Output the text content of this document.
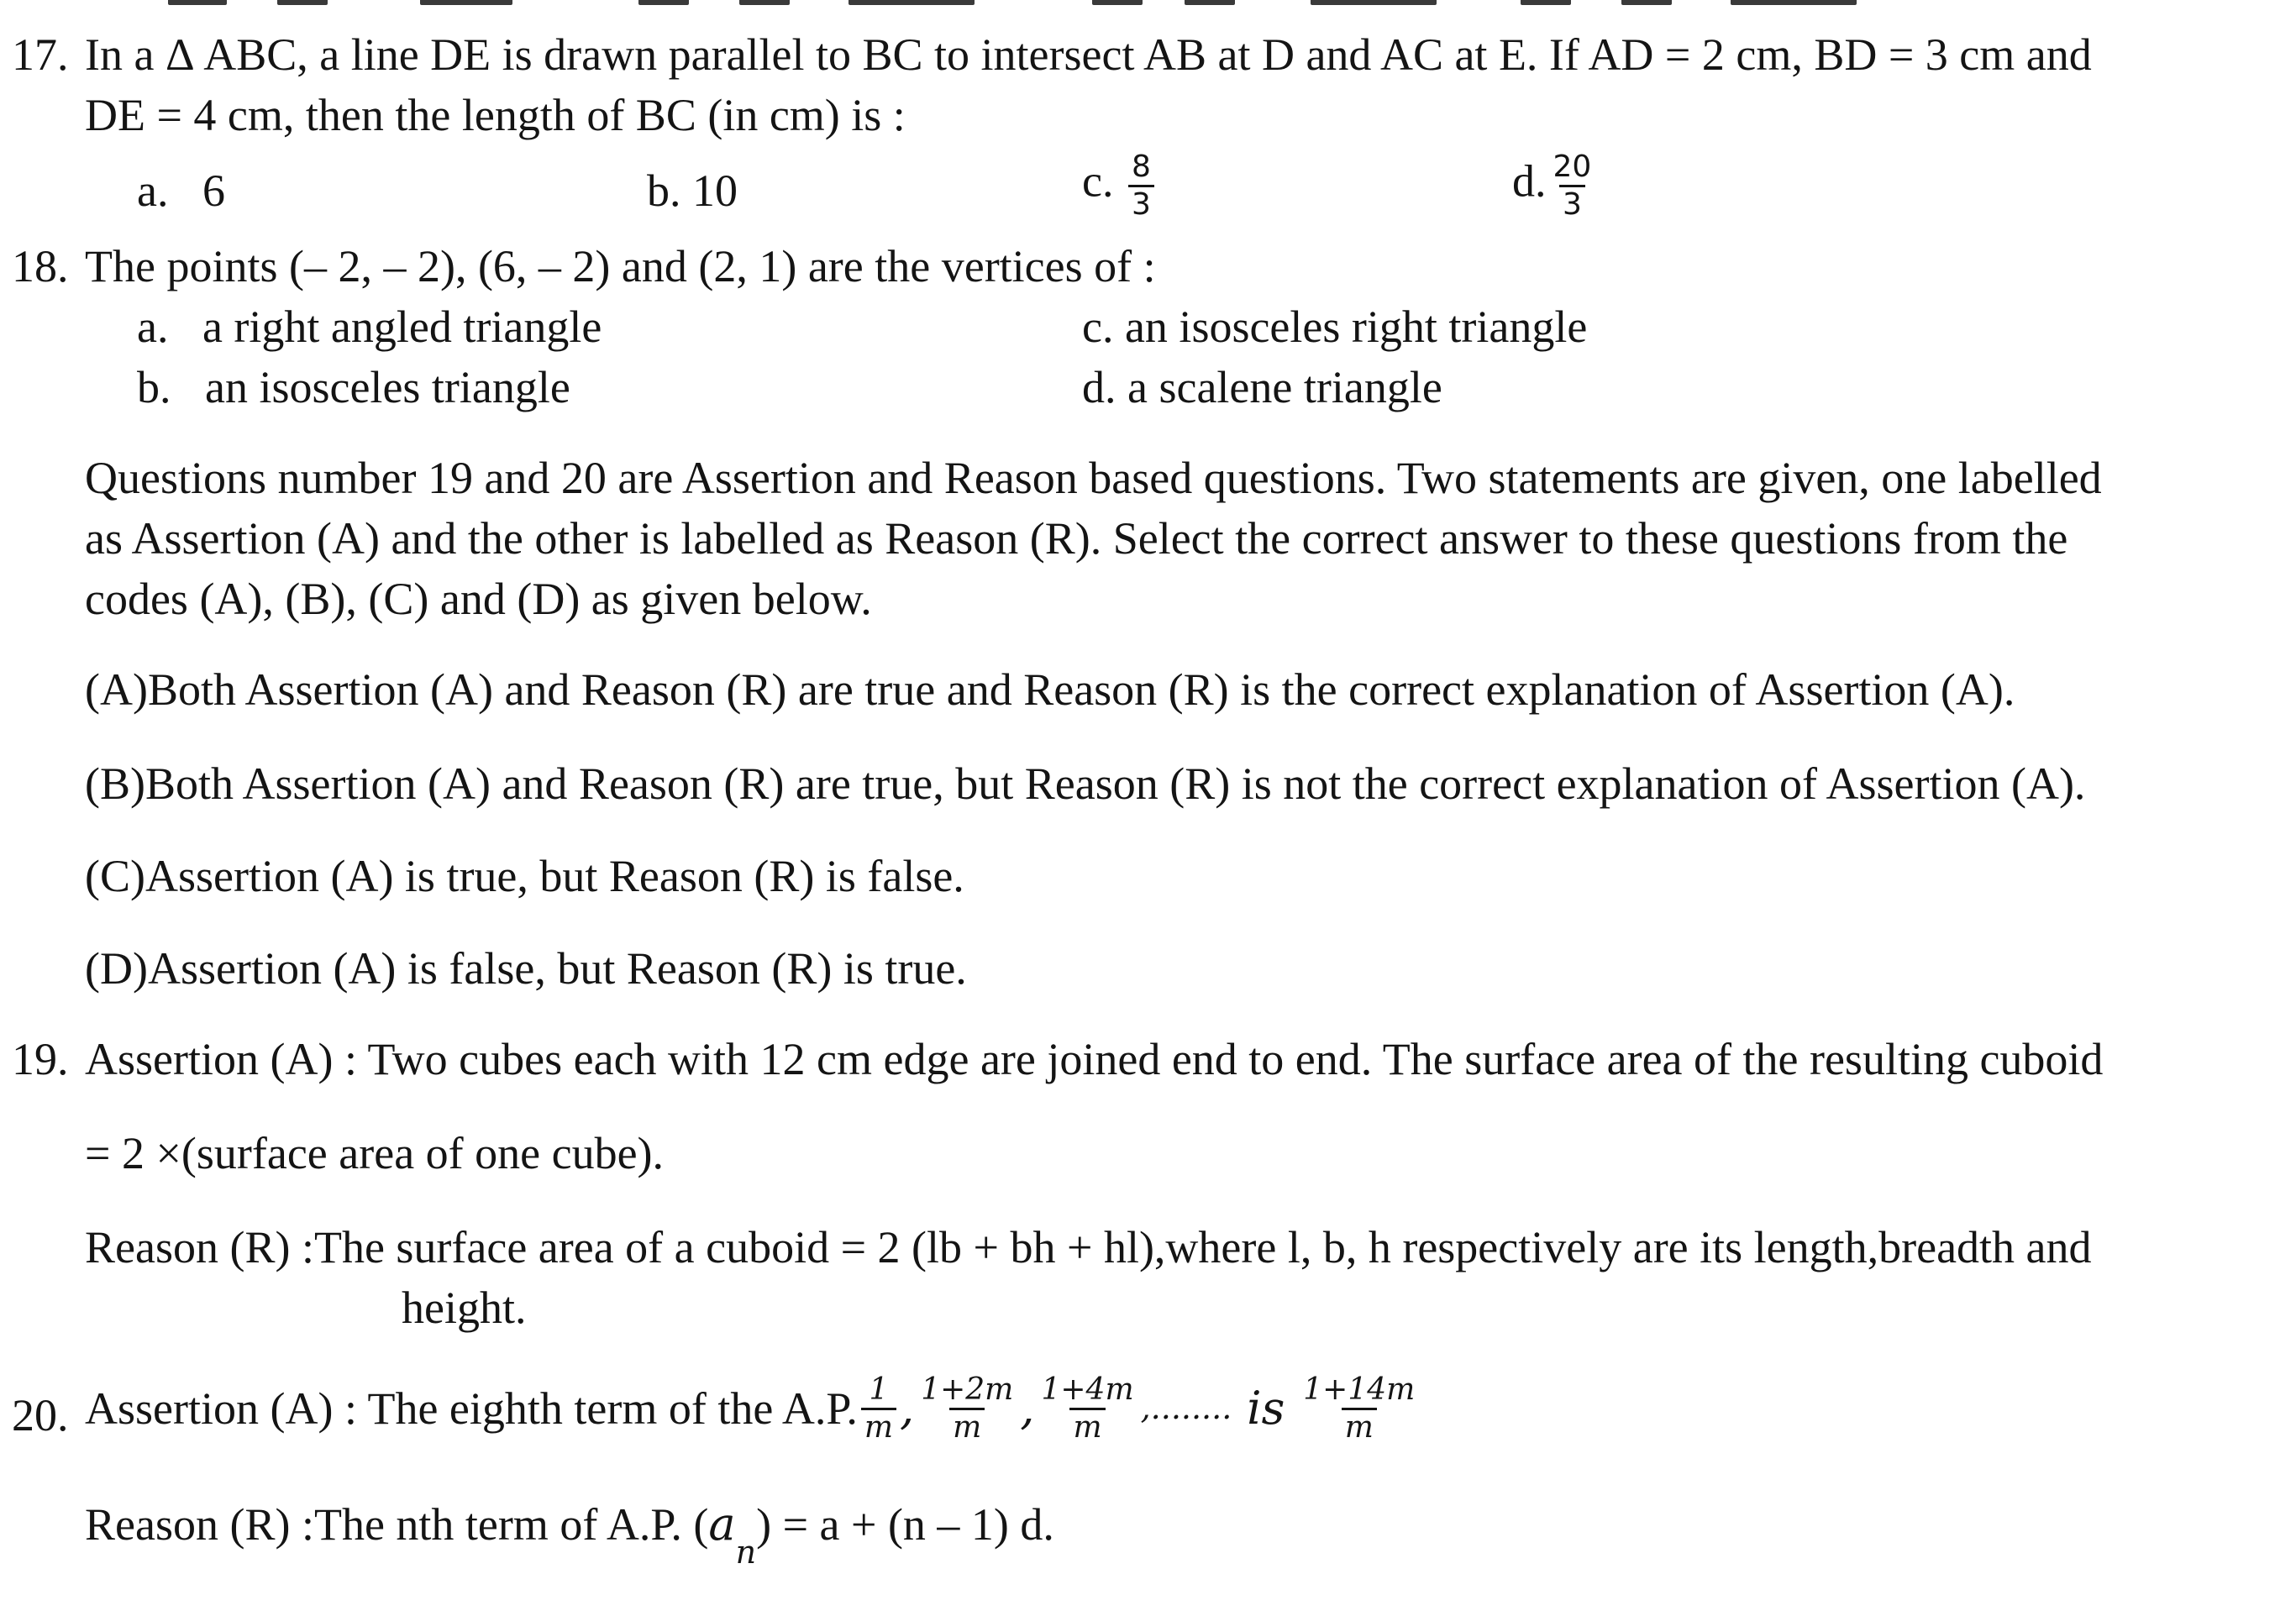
17. In a Δ ABC, a line DE is drawn parallel to BC to intersect AB at D and AC at E. If AD = 2 cm, BD = 3 cm and
DE = 4 cm, then the length of BC (in cm) is :
a. 6	b. 10	c. $\frac{8}{3}$	d. $\frac{20}{3}$
18. The points (– 2, – 2), (6, – 2) and (2, 1) are the vertices of :
a. a right angled triangle
b. an isosceles triangle
c. an isosceles right triangle
d. a scalene triangle
Questions number 19 and 20 are Assertion and Reason based questions. Two statements are given, one labelled
as Assertion (A) and the other is labelled as Reason (R). Select the correct answer to these questions from the
codes (A), (B), (C) and (D) as given below.
(A)Both Assertion (A) and Reason (R) are true and Reason (R) is the correct explanation of Assertion (A).
(B)Both Assertion (A) and Reason (R) are true, but Reason (R) is not the correct explanation of Assertion (A).
(C)Assertion (A) is true, but Reason (R) is false.
(D)Assertion (A) is false, but Reason (R) is true.
19. Assertion (A) : Two cubes each with 12 cm edge are joined end to end. The surface area of the resulting cuboid
= 2 ×(surface area of one cube).
Reason (R) :The surface area of a cuboid = 2 (lb + bh + hl),where l, b, h respectively are its length,breadth and
height.
20. Assertion (A) : The eighth term of the A.P. $\frac{1}{m}$ , $\frac{1+2m}{m}$ , $\frac{1+4m}{m}$ ,........ is $\frac{1+14m}{m}$
Reason (R) :The nth term of A.P. $(a_n) = a + (n - 1)$ d.
